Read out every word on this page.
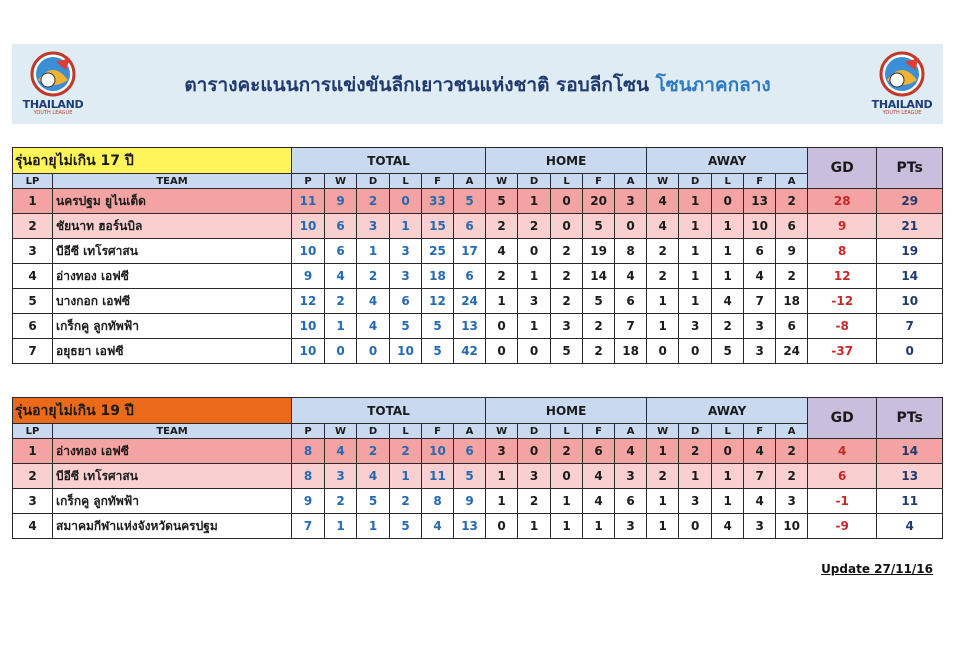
THAILAND
YOUTH LEAGUE
ตารางคะแนนการแข่งขันลีกเยาวชนแห่งชาติ รอบลีกโซน โซนภาคกลาง
THAILAND
YOUTH LEAGUE
รุ่นอายุไม่เกิน 17 ปี		TOTAL						HOME					AWAY					GD	PTs
LP	TEAM	P	W	D	L	F	A	W	D	L	F	A	W	D	L	F	A		
1	นครปฐม ยูไนเต็ด	11	9	2	0	33	5	5	1	0	20	3	4	1	0	13	2	28	29
2	ชัยนาท ฮอร์นบิล	10	6	3	1	15	6	2	2	0	5	0	4	1	1	10	6	9	21
3	บีอีซี เทโรศาสน	10	6	1	3	25	17	4	0	2	19	8	2	1	1	6	9	8	19
4	อ่างทอง เอฟซี	9	4	2	3	18	6	2	1	2	14	4	2	1	1	4	2	12	14
5	บางกอก เอฟซี	12	2	4	6	12	24	1	3	2	5	6	1	1	4	7	18	-12	10
6	เกร็กคู ลูกทัพฟ้า	10	1	4	5	5	13	0	1	3	2	7	1	3	2	3	6	-8	7
7	อยุธยา เอฟซี	10	0	0	10	5	42	0	0	5	2	18	0	0	5	3	24	-37	0
รุ่นอายุไม่เกิน 19 ปี		TOTAL						HOME					AWAY					GD	PTs
LP	TEAM	P	W	D	L	F	A	W	D	L	F	A	W	D	L	F	A		
1	อ่างทอง เอฟซี	8	4	2	2	10	6	3	0	2	6	4	1	2	0	4	2	4	14
2	บีอีซี เทโรศาสน	8	3	4	1	11	5	1	3	0	4	3	2	1	1	7	2	6	13
3	เกร็กคู ลูกทัพฟ้า	9	2	5	2	8	9	1	2	1	4	6	1	3	1	4	3	-1	11
4	สมาคมกีฬาแห่งจังหวัดนครปฐม	7	1	1	5	4	13	0	1	1	1	3	1	0	4	3	10	-9	4
Update 27/11/16
